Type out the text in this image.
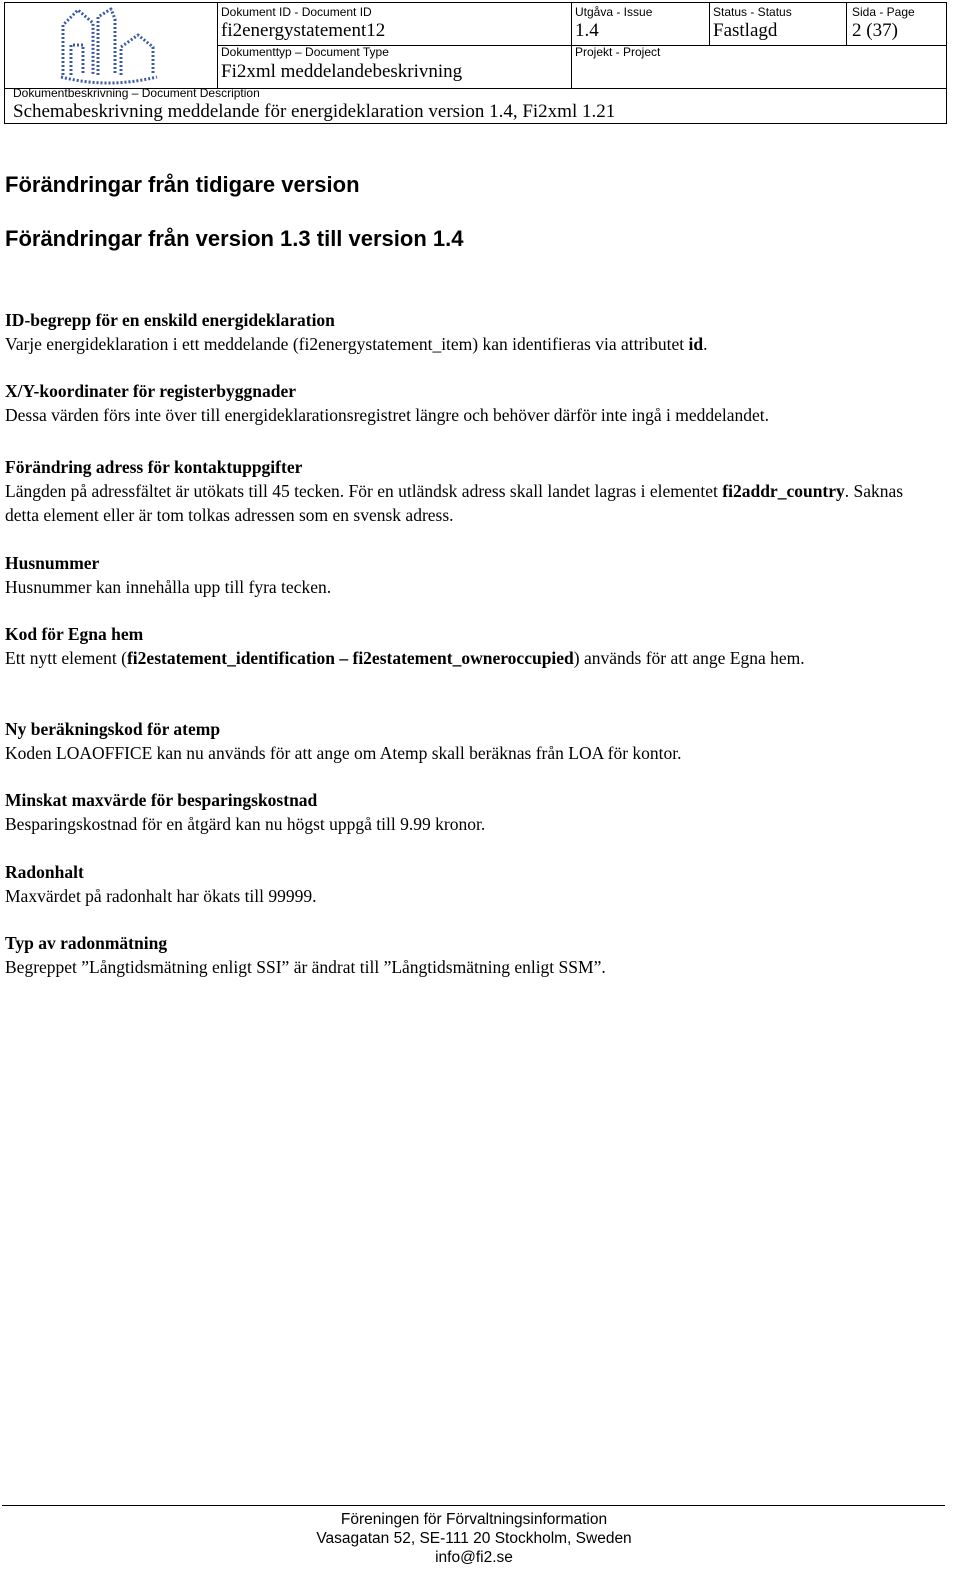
Dokument ID - Document ID
fi2energystatement12
Utgåva - Issue
1.4
Status - Status
Fastlagd
Sida - Page
2 (37)
Dokumenttyp – Document Type
Fi2xml meddelandebeskrivning
Projekt - Project
Dokumentbeskrivning – Document Description
Schemabeskrivning meddelande för energideklaration version 1.4, Fi2xml 1.21
Förändringar från tidigare version
Förändringar från version 1.3 till version 1.4
ID-begrepp för en enskild energideklaration

Varje energideklaration i ett meddelande (fi2energystatement_item) kan identifieras via attributet id.

X/Y-koordinater för registerbyggnader

Dessa värden förs inte över till energideklarationsregistret längre och behöver därför inte ingå i meddelandet.

Förändring adress för kontaktuppgifter

Längden på adressfältet är utökats till 45 tecken. För en utländsk adress skall landet lagras i elementet fi2addr_country. Saknas detta element eller är tom tolkas adressen som en svensk adress.

Husnummer

Husnummer kan innehålla upp till fyra tecken.

Kod för Egna hem

Ett nytt element (fi2estatement_identification – fi2estatement_owneroccupied) används för att ange Egna hem.

Ny beräkningskod för atemp

Koden LOAOFFICE kan nu används för att ange om Atemp skall beräknas från LOA för kontor.

Minskat maxvärde för besparingskostnad

Besparingskostnad för en åtgärd kan nu högst uppgå till 9.99 kronor.

Radonhalt

Maxvärdet på radonhalt har ökats till 99999.

Typ av radonmätning

Begreppet ”Långtidsmätning enligt SSI” är ändrat till ”Långtidsmätning enligt SSM”.

Föreningen för Förvaltningsinformation
Vasagatan 52, SE-111 20 Stockholm, Sweden
info@fi2.se
